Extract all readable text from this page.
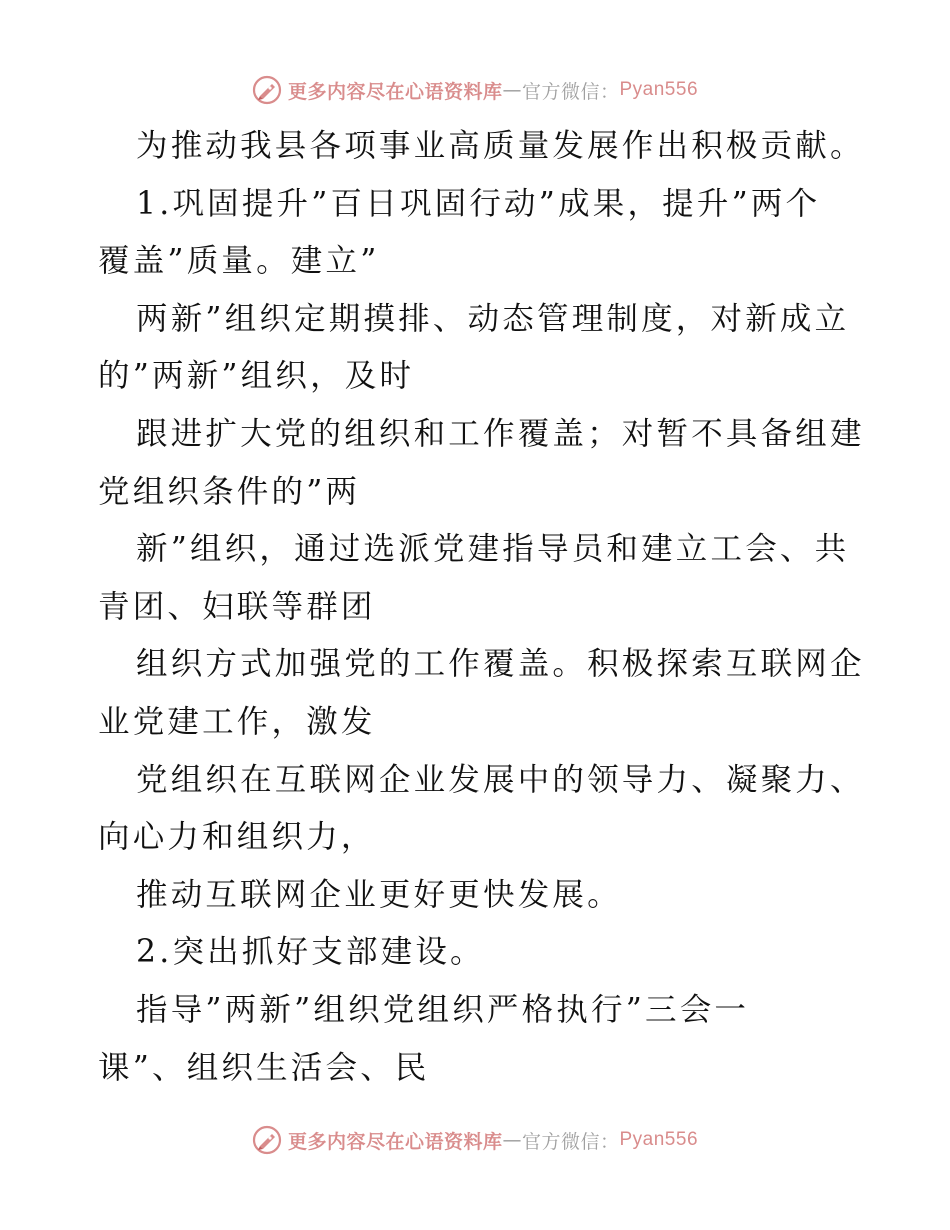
更多内容尽在心语资料库 — 官方微信： Pyan556
为推动我县各项事业高质量发展作出积极贡献。
1.巩固提升”百日巩固行动”成果，提升”两个
覆盖”质量。建立”
两新”组织定期摸排、动态管理制度，对新成立
的”两新”组织，及时
跟进扩大党的组织和工作覆盖；对暂不具备组建
党组织条件的”两
新”组织，通过选派党建指导员和建立工会、共
青团、妇联等群团
组织方式加强党的工作覆盖。积极探索互联网企
业党建工作，激发
党组织在互联网企业发展中的领导力、凝聚力、
向心力和组织力，
推动互联网企业更好更快发展。
2.突出抓好支部建设。
指导”两新”组织党组织严格执行”三会一
课”、组织生活会、民
更多内容尽在心语资料库 — 官方微信： Pyan556
